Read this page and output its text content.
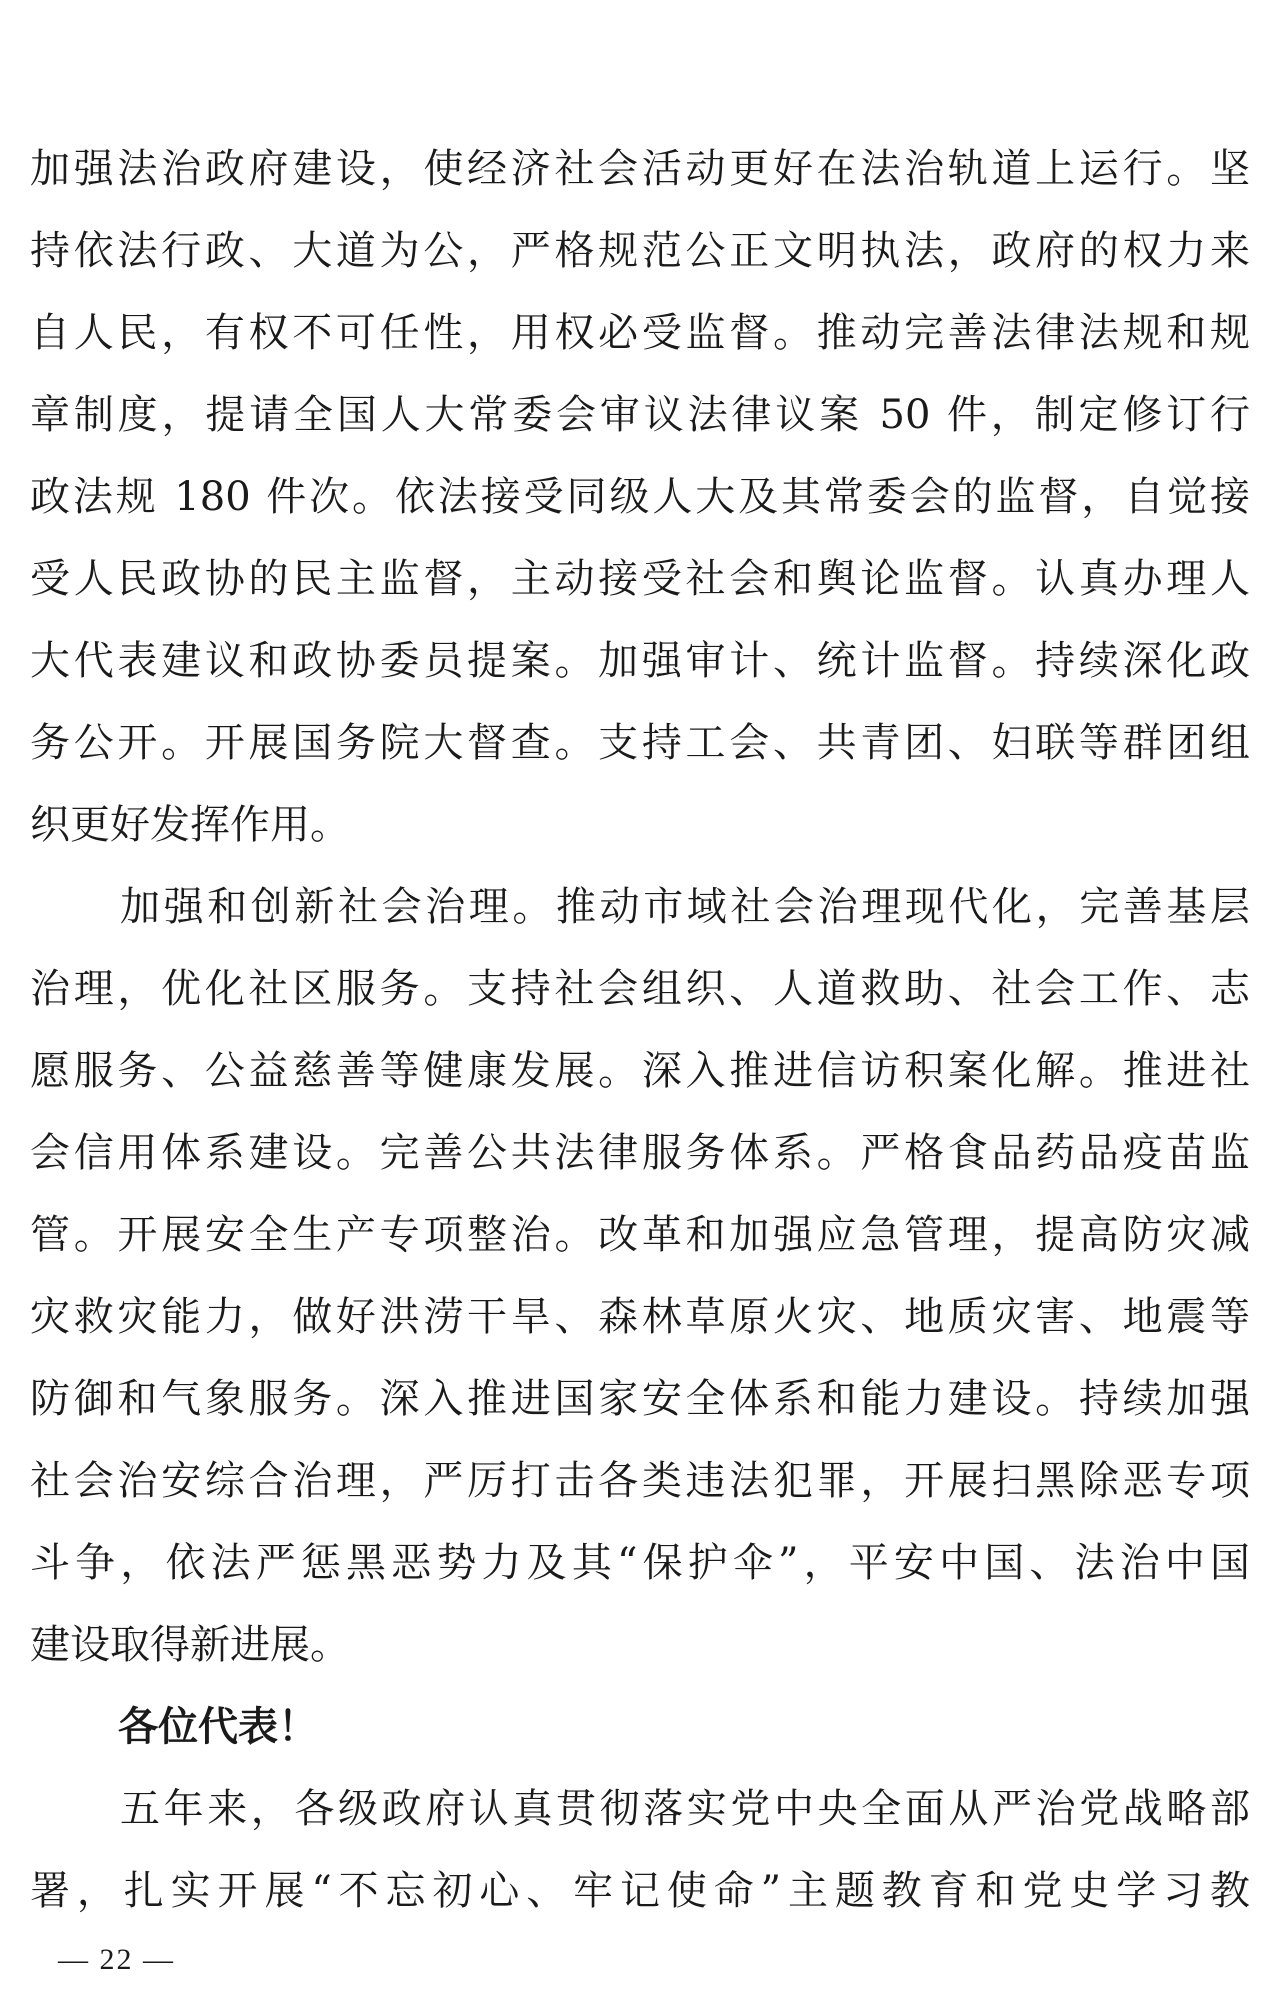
加强法治政府建设，使经济社会活动更好在法治轨道上运行。坚
持依法行政、大道为公，严格规范公正文明执法，政府的权力来
自人民，有权不可任性，用权必受监督。推动完善法律法规和规
章制度，提请全国人大常委会审议法律议案 50 件，制定修订行
政法规 180 件次。依法接受同级人大及其常委会的监督，自觉接
受人民政协的民主监督，主动接受社会和舆论监督。认真办理人
大代表建议和政协委员提案。加强审计、统计监督。持续深化政
务公开。开展国务院大督查。支持工会、共青团、妇联等群团组
织更好发挥作用。
加强和创新社会治理。推动市域社会治理现代化，完善基层
治理，优化社区服务。支持社会组织、人道救助、社会工作、志
愿服务、公益慈善等健康发展。深入推进信访积案化解。推进社
会信用体系建设。完善公共法律服务体系。严格食品药品疫苗监
管。开展安全生产专项整治。改革和加强应急管理，提高防灾减
灾救灾能力，做好洪涝干旱、森林草原火灾、地质灾害、地震等
防御和气象服务。深入推进国家安全体系和能力建设。持续加强
社会治安综合治理，严厉打击各类违法犯罪，开展扫黑除恶专项
斗争，依法严惩黑恶势力及其“保护伞”，平安中国、法治中国
建设取得新进展。
各位代表！
五年来，各级政府认真贯彻落实党中央全面从严治党战略部
署，扎实开展“不忘初心、牢记使命”主题教育和党史学习教
— 22 —
